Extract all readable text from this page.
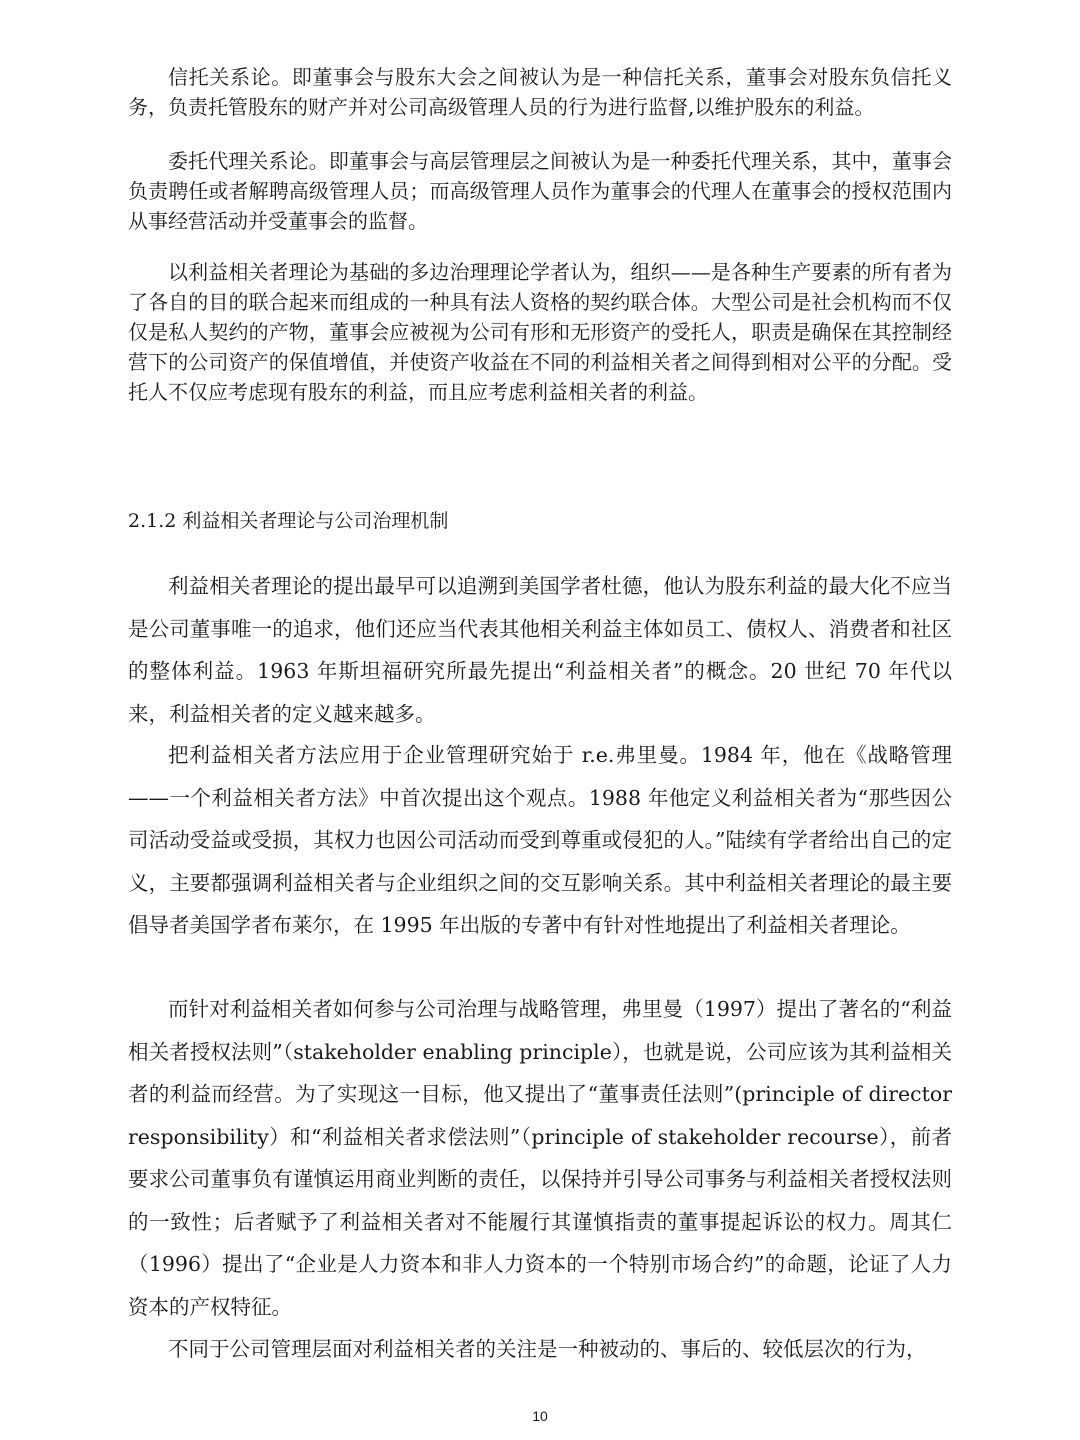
信托关系论。即董事会与股东大会之间被认为是一种信托关系，董事会对股东负信托义务，负责托管股东的财产并对公司高级管理人员的行为进行监督,以维护股东的利益。

委托代理关系论。即董事会与高层管理层之间被认为是一种委托代理关系，其中，董事会负责聘任或者解聘高级管理人员；而高级管理人员作为董事会的代理人在董事会的授权范围内从事经营活动并受董事会的监督。

以利益相关者理论为基础的多边治理理论学者认为，组织——是各种生产要素的所有者为了各自的目的联合起来而组成的一种具有法人资格的契约联合体。大型公司是社会机构而不仅仅是私人契约的产物，董事会应被视为公司有形和无形资产的受托人，职责是确保在其控制经营下的公司资产的保值增值，并使资产收益在不同的利益相关者之间得到相对公平的分配。受托人不仅应考虑现有股东的利益，而且应考虑利益相关者的利益。

2.1.2 利益相关者理论与公司治理机制

利益相关者理论的提出最早可以追溯到美国学者杜德，他认为股东利益的最大化不应当是公司董事唯一的追求，他们还应当代表其他相关利益主体如员工、债权人、消费者和社区的整体利益。1963 年斯坦福研究所最先提出“利益相关者”的概念。20 世纪 70 年代以来，利益相关者的定义越来越多。

把利益相关者方法应用于企业管理研究始于 r.e.弗里曼。1984 年，他在《战略管理——一个利益相关者方法》中首次提出这个观点。1988 年他定义利益相关者为“那些因公司活动受益或受损，其权力也因公司活动而受到尊重或侵犯的人。”陆续有学者给出自己的定义，主要都强调利益相关者与企业组织之间的交互影响关系。其中利益相关者理论的最主要倡导者美国学者布莱尔，在 1995 年出版的专著中有针对性地提出了利益相关者理论。

而针对利益相关者如何参与公司治理与战略管理，弗里曼（1997）提出了著名的“利益相关者授权法则”（stakeholder enabling principle），也就是说，公司应该为其利益相关者的利益而经营。为了实现这一目标，他又提出了“董事责任法则”(principle of director responsibility）和“利益相关者求偿法则”（principle of stakeholder recourse），前者要求公司董事负有谨慎运用商业判断的责任，以保持并引导公司事务与利益相关者授权法则的一致性；后者赋予了利益相关者对不能履行其谨慎指责的董事提起诉讼的权力。周其仁（1996）提出了“企业是人力资本和非人力资本的一个特别市场合约”的命题，论证了人力资本的产权特征。

不同于公司管理层面对利益相关者的关注是一种被动的、事后的、较低层次的行为，

10
